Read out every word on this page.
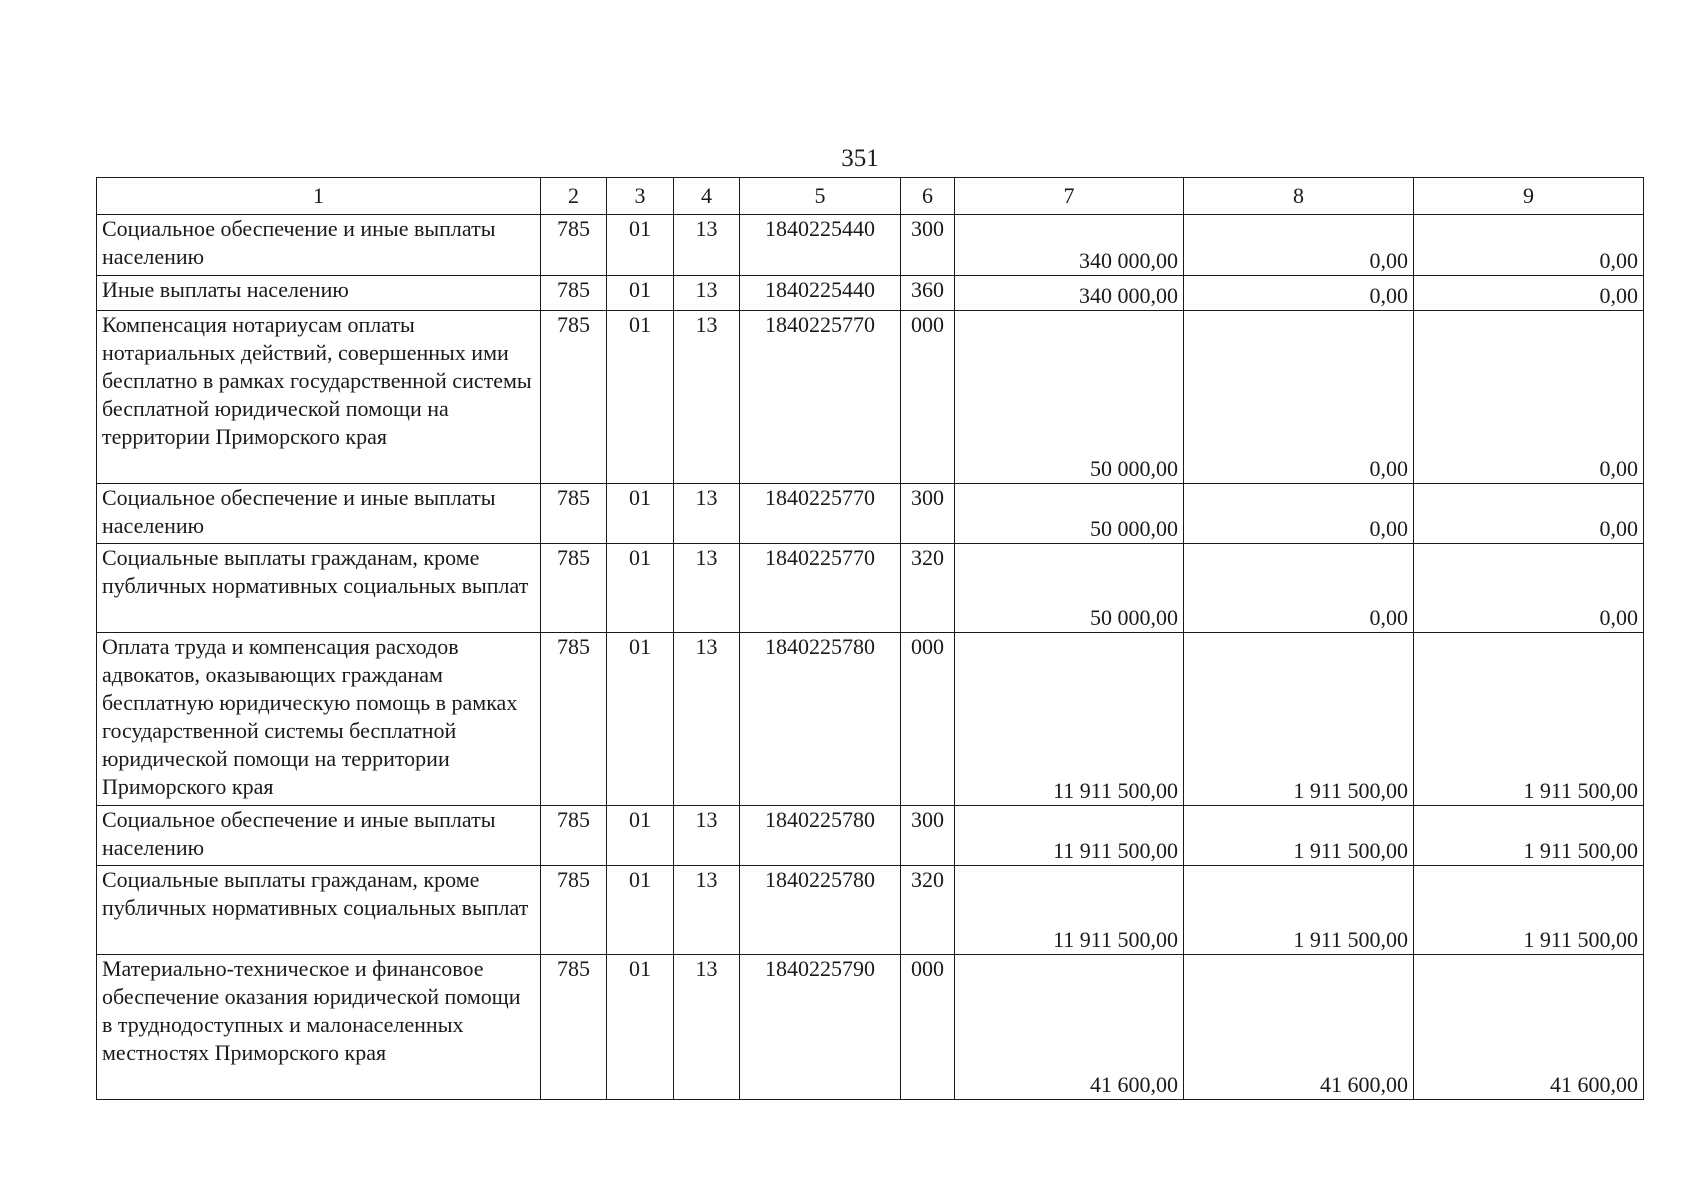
351
1	2	3	4	5	6	7	8	9
Социальное обеспечение и иные выплаты населению	785	01	13	1840225440	300	340 000,00	0,00	0,00
Иные выплаты населению	785	01	13	1840225440	360	340 000,00	0,00	0,00
Компенсация нотариусам оплаты нотариальных действий, совершенных ими бесплатно в рамках государственной системы бесплатной юридической помощи на территории Приморского края	785	01	13	1840225770	000	50 000,00	0,00	0,00
Социальное обеспечение и иные выплаты населению	785	01	13	1840225770	300	50 000,00	0,00	0,00
Социальные выплаты гражданам, кроме публичных нормативных социальных выплат	785	01	13	1840225770	320	50 000,00	0,00	0,00
Оплата труда и компенсация расходов адвокатов, оказывающих гражданам бесплатную юридическую помощь в рамках государственной системы бесплатной юридической помощи на территории Приморского края	785	01	13	1840225780	000	11 911 500,00	1 911 500,00	1 911 500,00
Социальное обеспечение и иные выплаты населению	785	01	13	1840225780	300	11 911 500,00	1 911 500,00	1 911 500,00
Социальные выплаты гражданам, кроме публичных нормативных социальных выплат	785	01	13	1840225780	320	11 911 500,00	1 911 500,00	1 911 500,00
Материально-техническое и финансовое обеспечение оказания юридической помощи в труднодоступных и малонаселенных местностях Приморского края	785	01	13	1840225790	000	41 600,00	41 600,00	41 600,00
